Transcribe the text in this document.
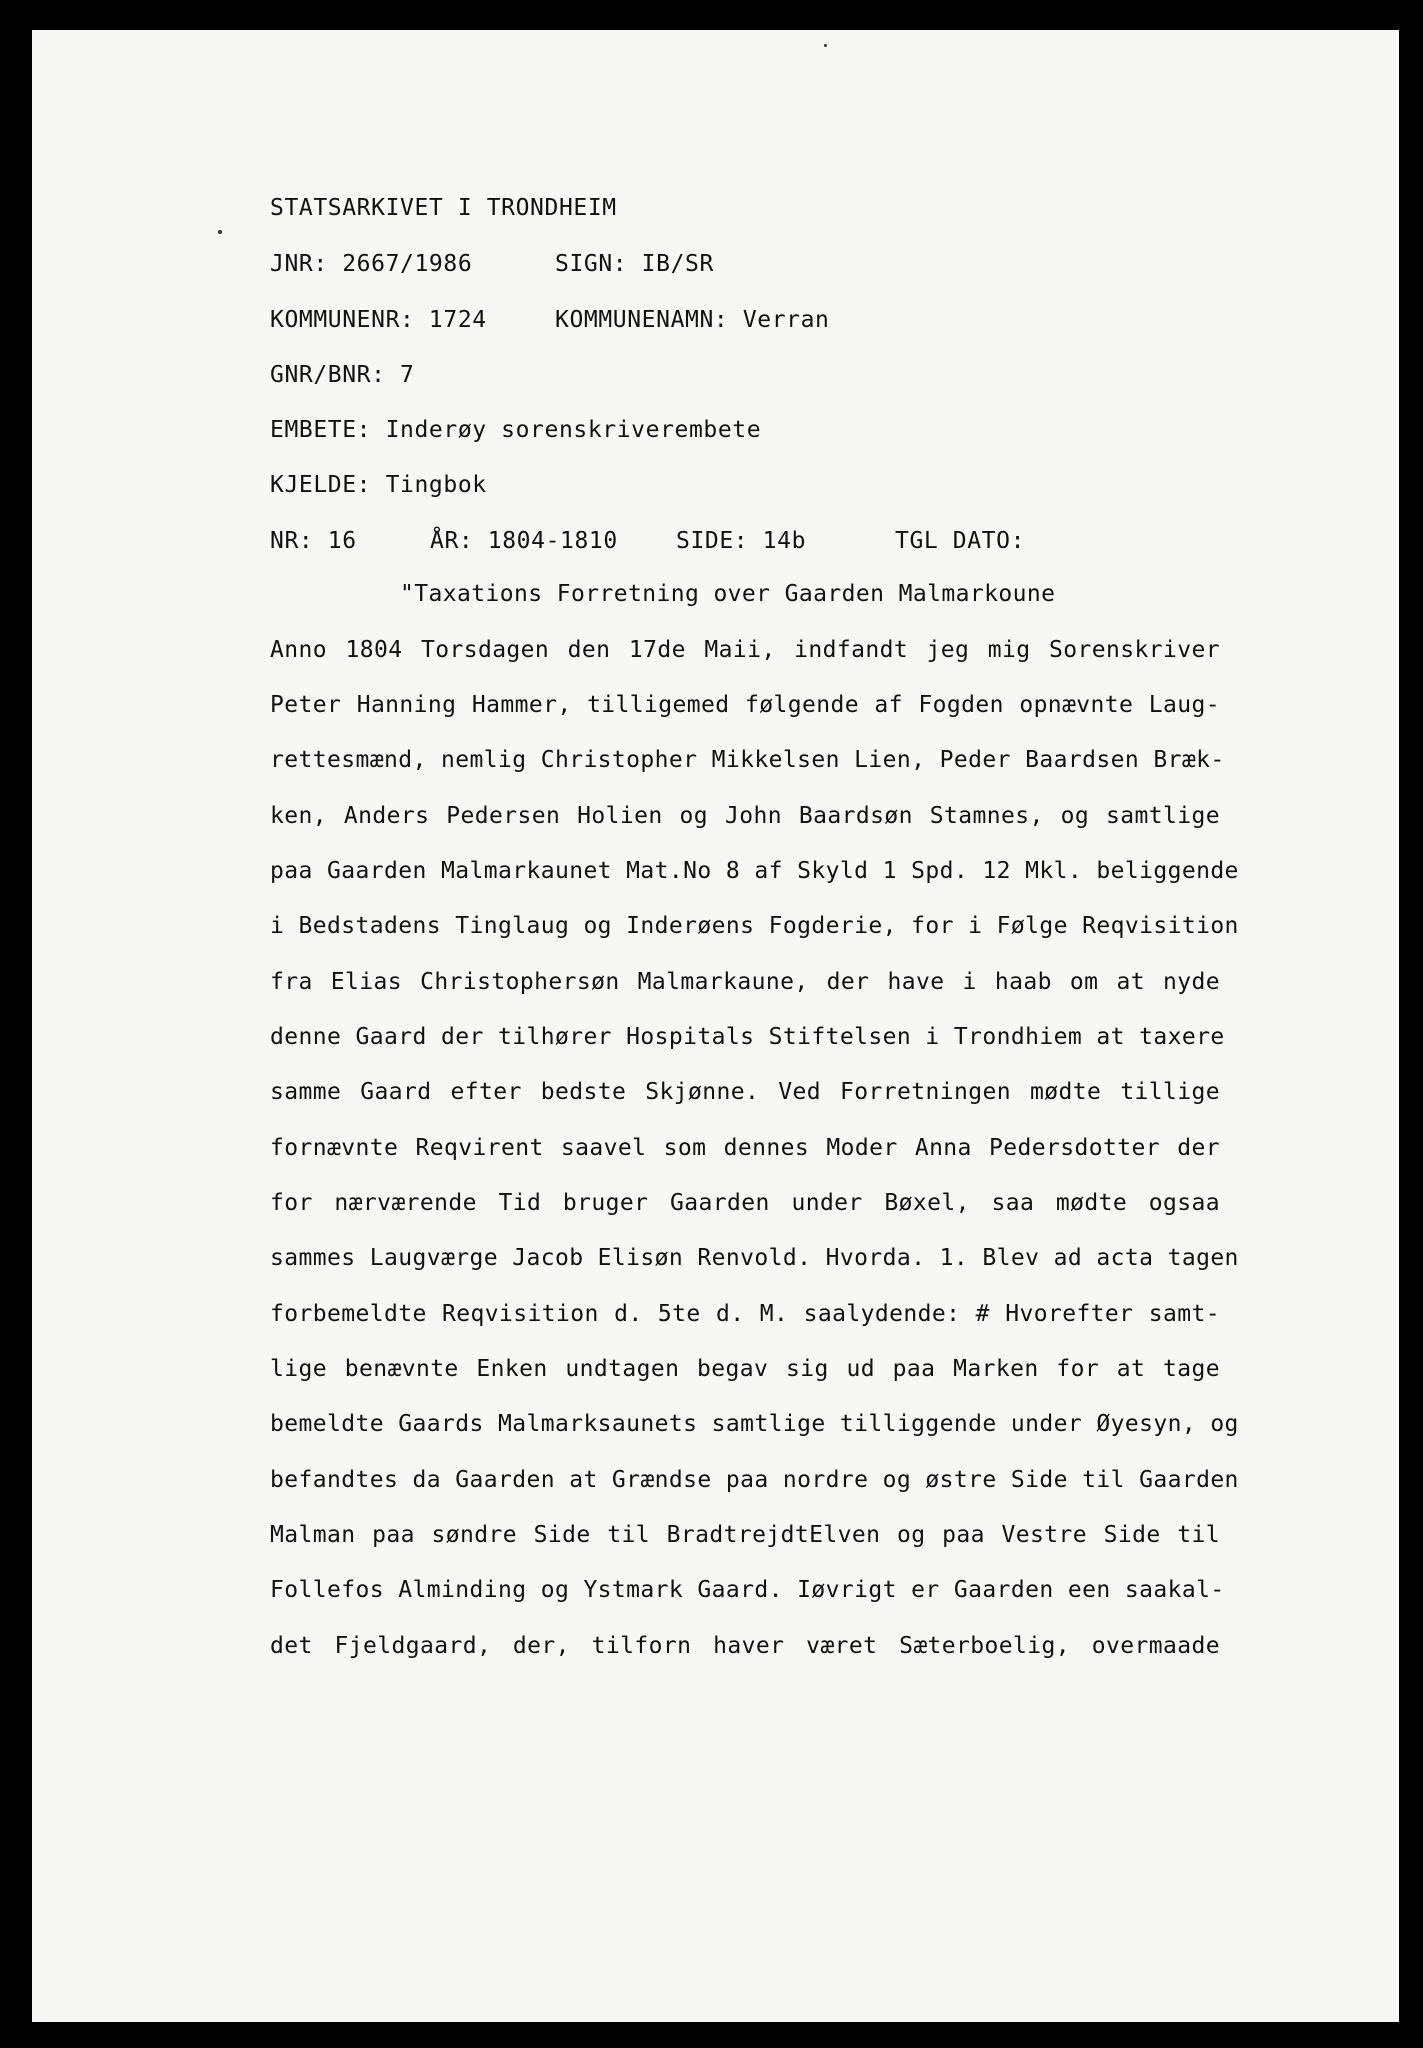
STATSARKIVET I TRONDHEIM

JNR: 2667/1986

	SIGN: IB/SR

KOMMUNENR: 1724

	KOMMUNENAMN: Verran

GNR/BNR: 7
EMBETE: Inderøy sorenskriverembete
KJELDE: Tingbok

NR: 16

	ÅR: 1804-1810

	SIDE: 14b

	TGL DATO:

"Taxations Forretning over Gaarden Malmarkoune
Anno 1804 Torsdagen den 17de Maii, indfandt jeg mig Sorenskriver
Peter Hanning Hammer, tilligemed følgende af Fogden opnævnte Laug-
rettesmænd, nemlig Christopher Mikkelsen Lien, Peder Baardsen Bræk-
ken, Anders Pedersen Holien og John Baardsøn Stamnes, og samtlige
paa Gaarden Malmarkaunet Mat.No 8 af Skyld 1 Spd. 12 Mkl. beliggende
i Bedstadens Tinglaug og Inderøens Fogderie, for i Følge Reqvisition
fra Elias Christophersøn Malmarkaune, der have i haab om at nyde
denne Gaard der tilhører Hospitals Stiftelsen i Trondhiem at taxere
samme Gaard efter bedste Skjønne. Ved Forretningen mødte tillige
fornævnte Reqvirent saavel som dennes Moder Anna Pedersdotter der
for nærværende Tid bruger Gaarden under Bøxel, saa mødte ogsaa
sammes Laugværge Jacob Elisøn Renvold. Hvorda. 1. Blev ad acta tagen
forbemeldte Reqvisition d. 5te d. M. saalydende: # Hvorefter samt-
lige benævnte Enken undtagen begav sig ud paa Marken for at tage
bemeldte Gaards Malmarksaunets samtlige tilliggende under Øyesyn, og
befandtes da Gaarden at Grændse paa nordre og østre Side til Gaarden
Malman paa søndre Side til BradtrejdtElven og paa Vestre Side til
Follefos Alminding og Ystmark Gaard. Iøvrigt er Gaarden een saakal-
det Fjeldgaard, der, tilforn haver været Sæterboelig, overmaade
